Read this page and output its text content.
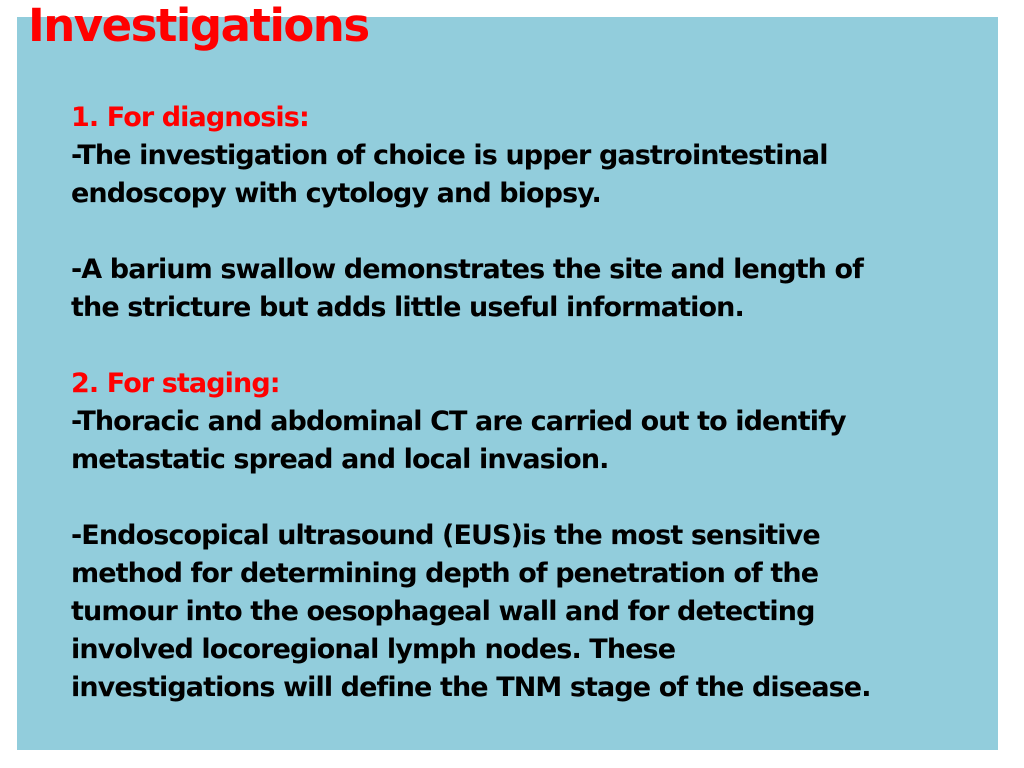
Investigations
1. For diagnosis:
-The investigation of choice is upper gastrointestinal
endoscopy with cytology and biopsy.
-A barium swallow demonstrates the site and length of
the stricture but adds little useful information.
2. For staging:
-Thoracic and abdominal CT are carried out to identify
metastatic spread and local invasion.
-Endoscopical ultrasound (EUS)is the most sensitive
method for determining depth of penetration of the
tumour into the oesophageal wall and for detecting
involved locoregional lymph nodes. These
investigations will define the TNM stage of the disease.
